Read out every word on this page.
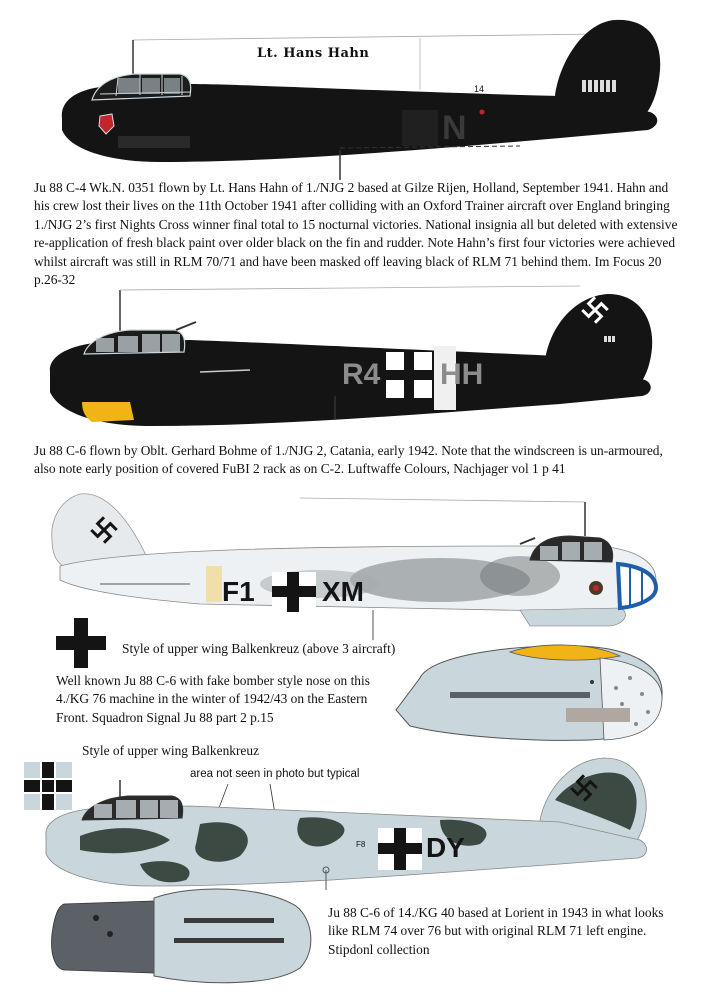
Lt. Hans Hahn
14
N
Ju 88 C-4 Wk.N. 0351 flown by Lt. Hans Hahn of 1./NJG 2 based at Gilze Rijen, Holland, September 1941. Hahn and his crew lost their lives on the 11th October 1941 after colliding with an Oxford Trainer aircraft over England bringing 1./NJG 2’s first Nights Cross winner final total to 15 nocturnal victories. National insignia all but deleted with extensive re-application of fresh black paint over older black on the fin and rudder. Note Hahn’s first four victories were achieved whilst aircraft was still in RLM 70/71 and have been masked off leaving black of RLM 71 behind them. Im Focus 20 p.26-32
R4 HH
Ju 88 C-6 flown by Oblt. Gerhard Bohme of 1./NJG 2, Catania, early 1942. Note that the windscreen is un-armoured, also note early position of covered FuBI 2 rack as on C-2. Luftwaffe Colours, Nachjager vol 1 p 41
F1 XM
Style of upper wing Balkenkreuz (above 3 aircraft)
Well known Ju 88 C-6 with fake bomber style nose on this 4./KG 76 machine in the winter of 1942/43 on the Eastern Front. Squadron Signal Ju 88 part 2 p.15
Style of upper wing Balkenkreuz
area not seen in photo but typical
F8 DY
Ju 88 C-6 of 14./KG 40 based at Lorient in 1943 in what looks like RLM 74 over 76 but with original RLM 71 left engine. Stipdonl collection
